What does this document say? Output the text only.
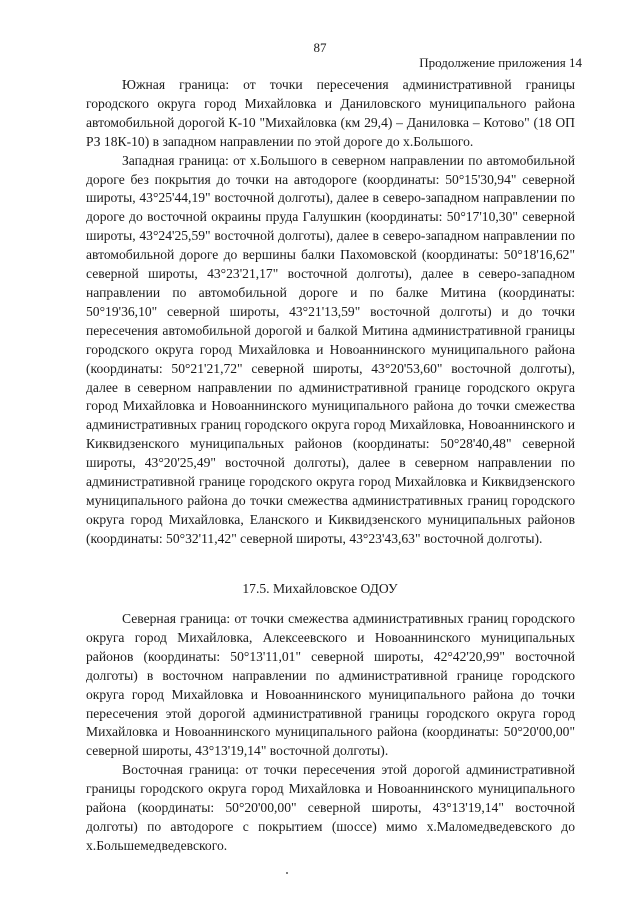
87
Продолжение приложения 14

Южная граница: от точки пересечения административной границы городского округа город Михайловка и Даниловского муниципального района автомобильной дорогой К-10 "Михайловка (км 29,4) – Даниловка – Котово" (18 ОП РЗ 18К-10) в западном направлении по этой дороге до х.Большого.

Западная граница: от х.Большого в северном направлении по автомобильной дороге без покрытия до точки на автодороге (координаты: 50°15'30,94" северной широты, 43°25'44,19" восточной долготы), далее в северо-западном направлении по дороге до восточной окраины пруда Галушкин (координаты: 50°17'10,30" северной широты, 43°24'25,59" восточной долготы), далее в северо-западном направлении по автомобильной дороге до вершины балки Пахомовской (координаты: 50°18'16,62" северной широты, 43°23'21,17" восточной долготы), далее в северо-западном направлении по автомобильной дороге и по балке Митина (координаты: 50°19'36,10" северной широты, 43°21'13,59" восточной долготы) и до точки пересечения автомобильной дорогой и балкой Митина административной границы городского округа город Михайловка и Новоаннинского муниципального района (координаты: 50°21'21,72" северной широты, 43°20'53,60" восточной долготы), далее в северном направлении по административной границе городского округа город Михайловка и Новоаннинского муниципального района до точки смежества административных границ городского округа город Михайловка, Новоаннинского и Киквидзенского муниципальных районов (координаты: 50°28'40,48" северной широты, 43°20'25,49" восточной долготы), далее в северном направлении по административной границе городского округа город Михайловка и Киквидзенского муниципального района до точки смежества административных границ городского округа город Михайловка, Еланского и Киквидзенского муниципальных районов (координаты: 50°32'11,42" северной широты, 43°23'43,63" восточной долготы).

17.5. Михайловское ОДОУ

Северная граница: от точки смежества административных границ городского округа город Михайловка, Алексеевского и Новоаннинского муниципальных районов (координаты: 50°13'11,01" северной широты, 42°42'20,99" восточной долготы) в восточном направлении по административной границе городского округа город Михайловка и Новоаннинского муниципального района до точки пересечения этой дорогой административной границы городского округа город Михайловка и Новоаннинского муниципального района (координаты: 50°20'00,00" северной широты, 43°13'19,14" восточной долготы).

Восточная граница: от точки пересечения этой дорогой административной границы городского округа город Михайловка и Новоаннинского муниципального района (координаты: 50°20'00,00" северной широты, 43°13'19,14" восточной долготы) по автодороге с покрытием (шоссе) мимо х.Маломедведевского до х.Большемедведевского.
